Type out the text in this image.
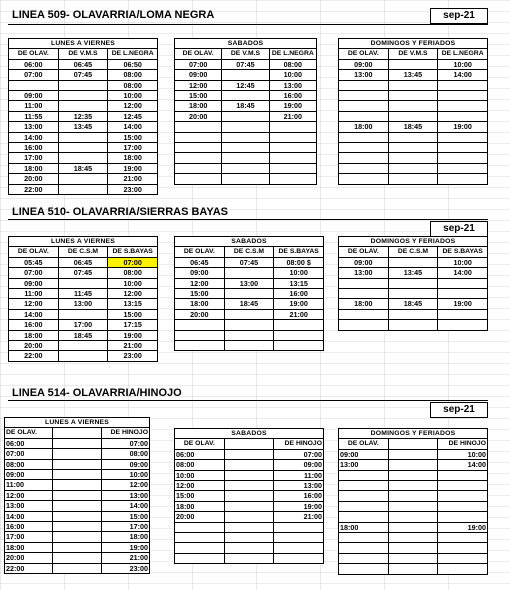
LINEA 509- OLAVARRIA/LOMA NEGRA	sep-21
LUNES A VIERNES		
DE OLAV.	DE V.M.S	DE L.NEGRA
06:00	06:45	06:50
07:00	07:45	08:00
		08:00
09:00		10:00
11:00		12:00
11:55	12:35	12:45
13:00	13:45	14:00
14:00		15:00
16:00		17:00
17:00		18:00
18:00	18:45	19:00
20:00		21:00
22:00		23:00
SABADOS		
DE OLAV.	DE V.M.S	DE L.NEGRA
07:00	07:45	08:00
09:00		10:00
12:00	12:45	13:00
15:00		16:00
18:00	18:45	19:00
20:00		21:00

DOMINGOS Y FERIADOS		
DE OLAV.	DE V.M.S	DE L.NEGRA
09:00		10:00
13:00	13:45	14:00

18:00	18:45	19:00

LINEA 510- OLAVARRIA/SIERRAS BAYAS
sep-21
LUNES A VIERNES		
DE OLAV.	DE C.S.M	DE S.BAYAS
05:45	06:45	07:00
07:00	07:45	08:00
09:00		10:00
11:00	11:45	12:00
12:00	13:00	13:15
14:00		15:00
16:00	17:00	17:15
18:00	18:45	19:00
20:00		21:00
22:00		23:00
SABADOS		
DE OLAV.	DE C.S.M	DE S.BAYAS
06:45	07:45	08:00 $
09:00		10:00
12:00	13:00	13:15
15:00		16:00
18:00	18:45	19:00
20:00		21:00

DOMINGOS Y FERIADOS		
DE OLAV.	DE C.S.M	DE S.BAYAS
09:00		10:00
13:00	13:45	14:00

18:00	18:45	19:00

LINEA 514- OLAVARRIA/HINOJO
sep-21
LUNES A VIERNES		
DE OLAV.		DE HINOJO
06:00		07:00
07:00		08:00
08:00		09:00
09:00		10:00
11:00		12:00
12:00		13:00
13:00		14:00
14:00		15:00
16:00		17:00
17:00		18:00
18:00		19:00
20:00		21:00
22:00		23:00
SABADOS		
DE OLAV.		DE HINOJO
06:00		07:00
08:00		09:00
10:00		11:00
12:00		13:00
15:00		16:00
18:00		19:00
20:00		21:00

DOMINGOS Y FERIADOS		
DE OLAV.		DE HINOJO
09:00		10:00
13:00		14:00

18:00		19:00
